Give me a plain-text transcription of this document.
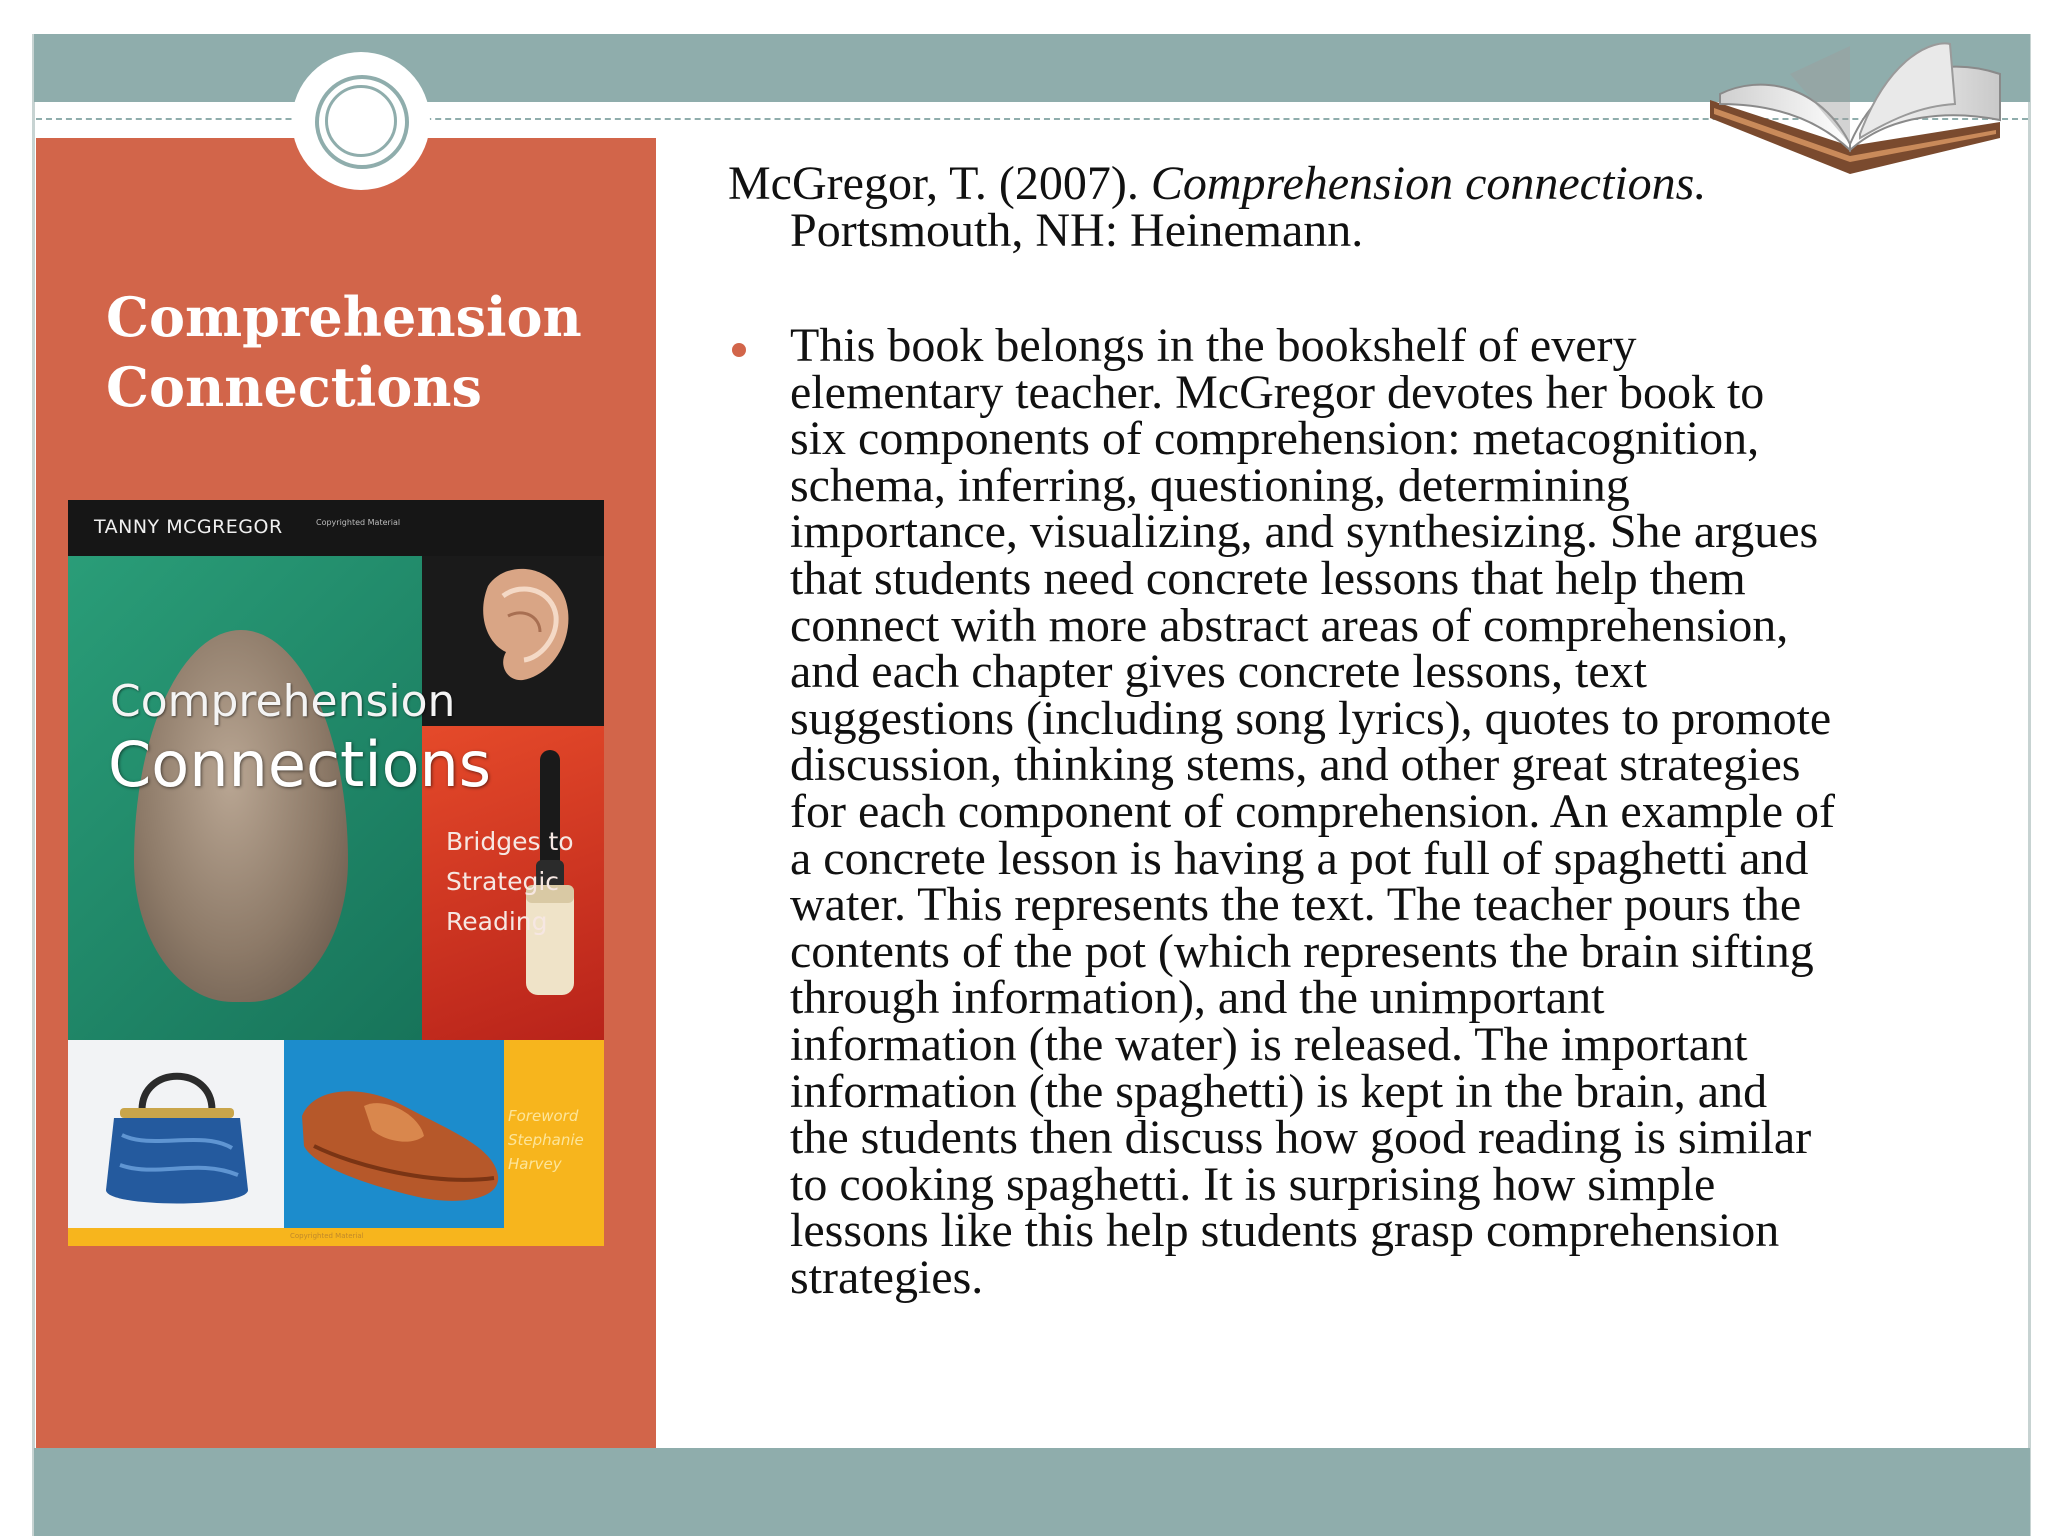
Comprehension
Connections
TANNY MCGREGOR	Copyrighted Material
Comprehension
Connections
Bridges to
Strategic
Reading
Foreword
Stephanie
Harvey
Copyrighted Material

McGregor, T. (2007). Comprehension connections.
Portsmouth, NH: Heinemann.

This book belongs in the bookshelf of every
elementary teacher. McGregor devotes her book to
six components of comprehension: metacognition,
schema, inferring, questioning, determining
importance, visualizing, and synthesizing. She argues
that students need concrete lessons that help them
connect with more abstract areas of comprehension,
and each chapter gives concrete lessons, text
suggestions (including song lyrics), quotes to promote
discussion, thinking stems, and other great strategies
for each component of comprehension. An example of
a concrete lesson is having a pot full of spaghetti and
water. This represents the text. The teacher pours the
contents of the pot (which represents the brain sifting
through information), and the unimportant
information (the water) is released. The important
information (the spaghetti) is kept in the brain, and
the students then discuss how good reading is similar
to cooking spaghetti. It is surprising how simple
lessons like this help students grasp comprehension
strategies.
